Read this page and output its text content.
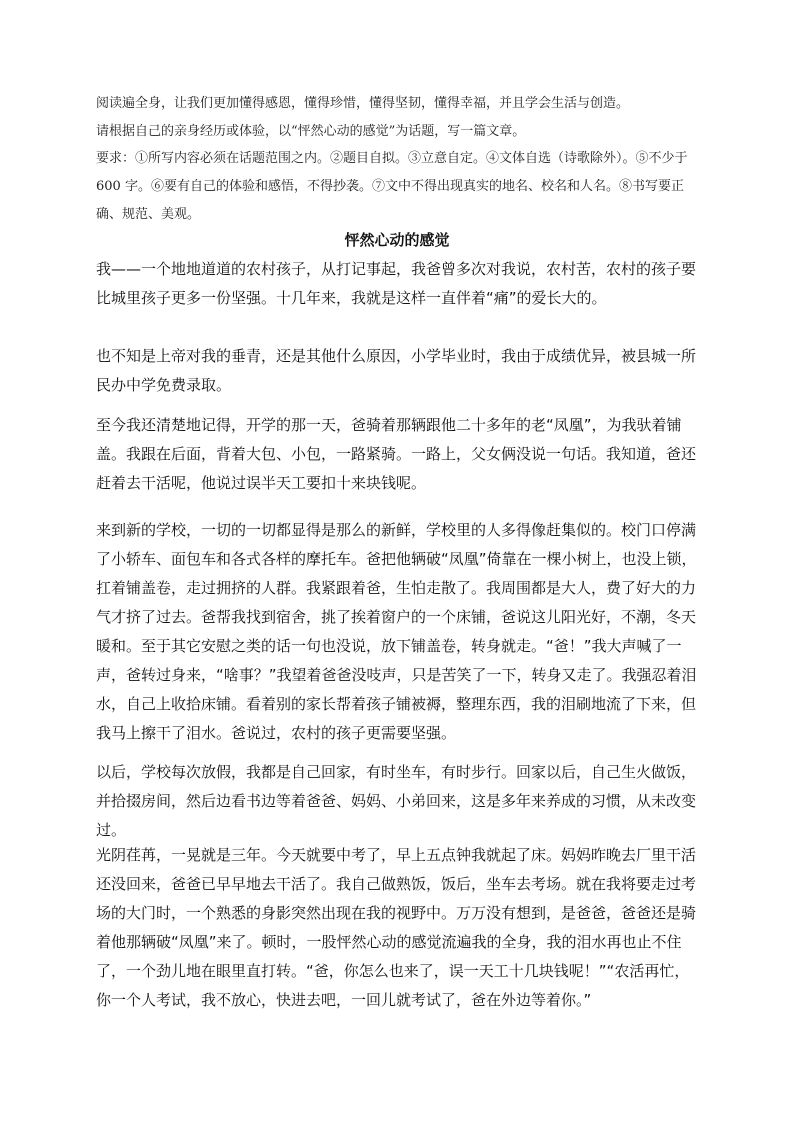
阅读遍全身，让我们更加懂得感恩，懂得珍惜，懂得坚韧，懂得幸福，并且学会生活与创造。

请根据自己的亲身经历或体验，以“怦然心动的感觉”为话题，写一篇文章。

要求：①所写内容必须在话题范围之内。②题目自拟。③立意自定。④文体自选（诗歌除外）。⑤不少于 600 字。⑥要有自己的体验和感悟，不得抄袭。⑦文中不得出现真实的地名、校名和人名。⑧书写要正确、规范、美观。

怦然心动的感觉

我——一个地地道道的农村孩子，从打记事起，我爸曾多次对我说，农村苦，农村的孩子要比城里孩子更多一份坚强。十几年来，我就是这样一直伴着“痛”的爱长大的。

也不知是上帝对我的垂青，还是其他什么原因，小学毕业时，我由于成绩优异，被县城一所民办中学免费录取。

至今我还清楚地记得，开学的那一天，爸骑着那辆跟他二十多年的老“凤凰”，为我驮着铺盖。我跟在后面，背着大包、小包，一路紧骑。一路上，父女俩没说一句话。我知道，爸还赶着去干活呢，他说过误半天工要扣十来块钱呢。

来到新的学校，一切的一切都显得是那么的新鲜，学校里的人多得像赶集似的。校门口停满了小轿车、面包车和各式各样的摩托车。爸把他辆破“凤凰”倚靠在一棵小树上，也没上锁，扛着铺盖卷，走过拥挤的人群。我紧跟着爸，生怕走散了。我周围都是大人，费了好大的力气才挤了过去。爸帮我找到宿舍，挑了挨着窗户的一个床铺，爸说这儿阳光好，不潮，冬天暖和。至于其它安慰之类的话一句也没说，放下铺盖卷，转身就走。“爸！”我大声喊了一声，爸转过身来，“啥事？”我望着爸爸没吱声，只是苦笑了一下，转身又走了。我强忍着泪水，自己上收拾床铺。看着别的家长帮着孩子铺被褥，整理东西，我的泪刷地流了下来，但我马上擦干了泪水。爸说过，农村的孩子更需要坚强。

以后，学校每次放假，我都是自己回家，有时坐车，有时步行。回家以后，自己生火做饭，并拾掇房间，然后边看书边等着爸爸、妈妈、小弟回来，这是多年来养成的习惯，从未改变过。

光阴荏苒，一晃就是三年。今天就要中考了，早上五点钟我就起了床。妈妈昨晚去厂里干活还没回来，爸爸已早早地去干活了。我自己做熟饭，饭后，坐车去考场。就在我将要走过考场的大门时，一个熟悉的身影突然出现在我的视野中。万万没有想到，是爸爸，爸爸还是骑着他那辆破“凤凰”来了。顿时，一股怦然心动的感觉流遍我的全身，我的泪水再也止不住了，一个劲儿地在眼里直打转。“爸，你怎么也来了，误一天工十几块钱呢！”“农活再忙，你一个人考试，我不放心，快进去吧，一回儿就考试了，爸在外边等着你。”
